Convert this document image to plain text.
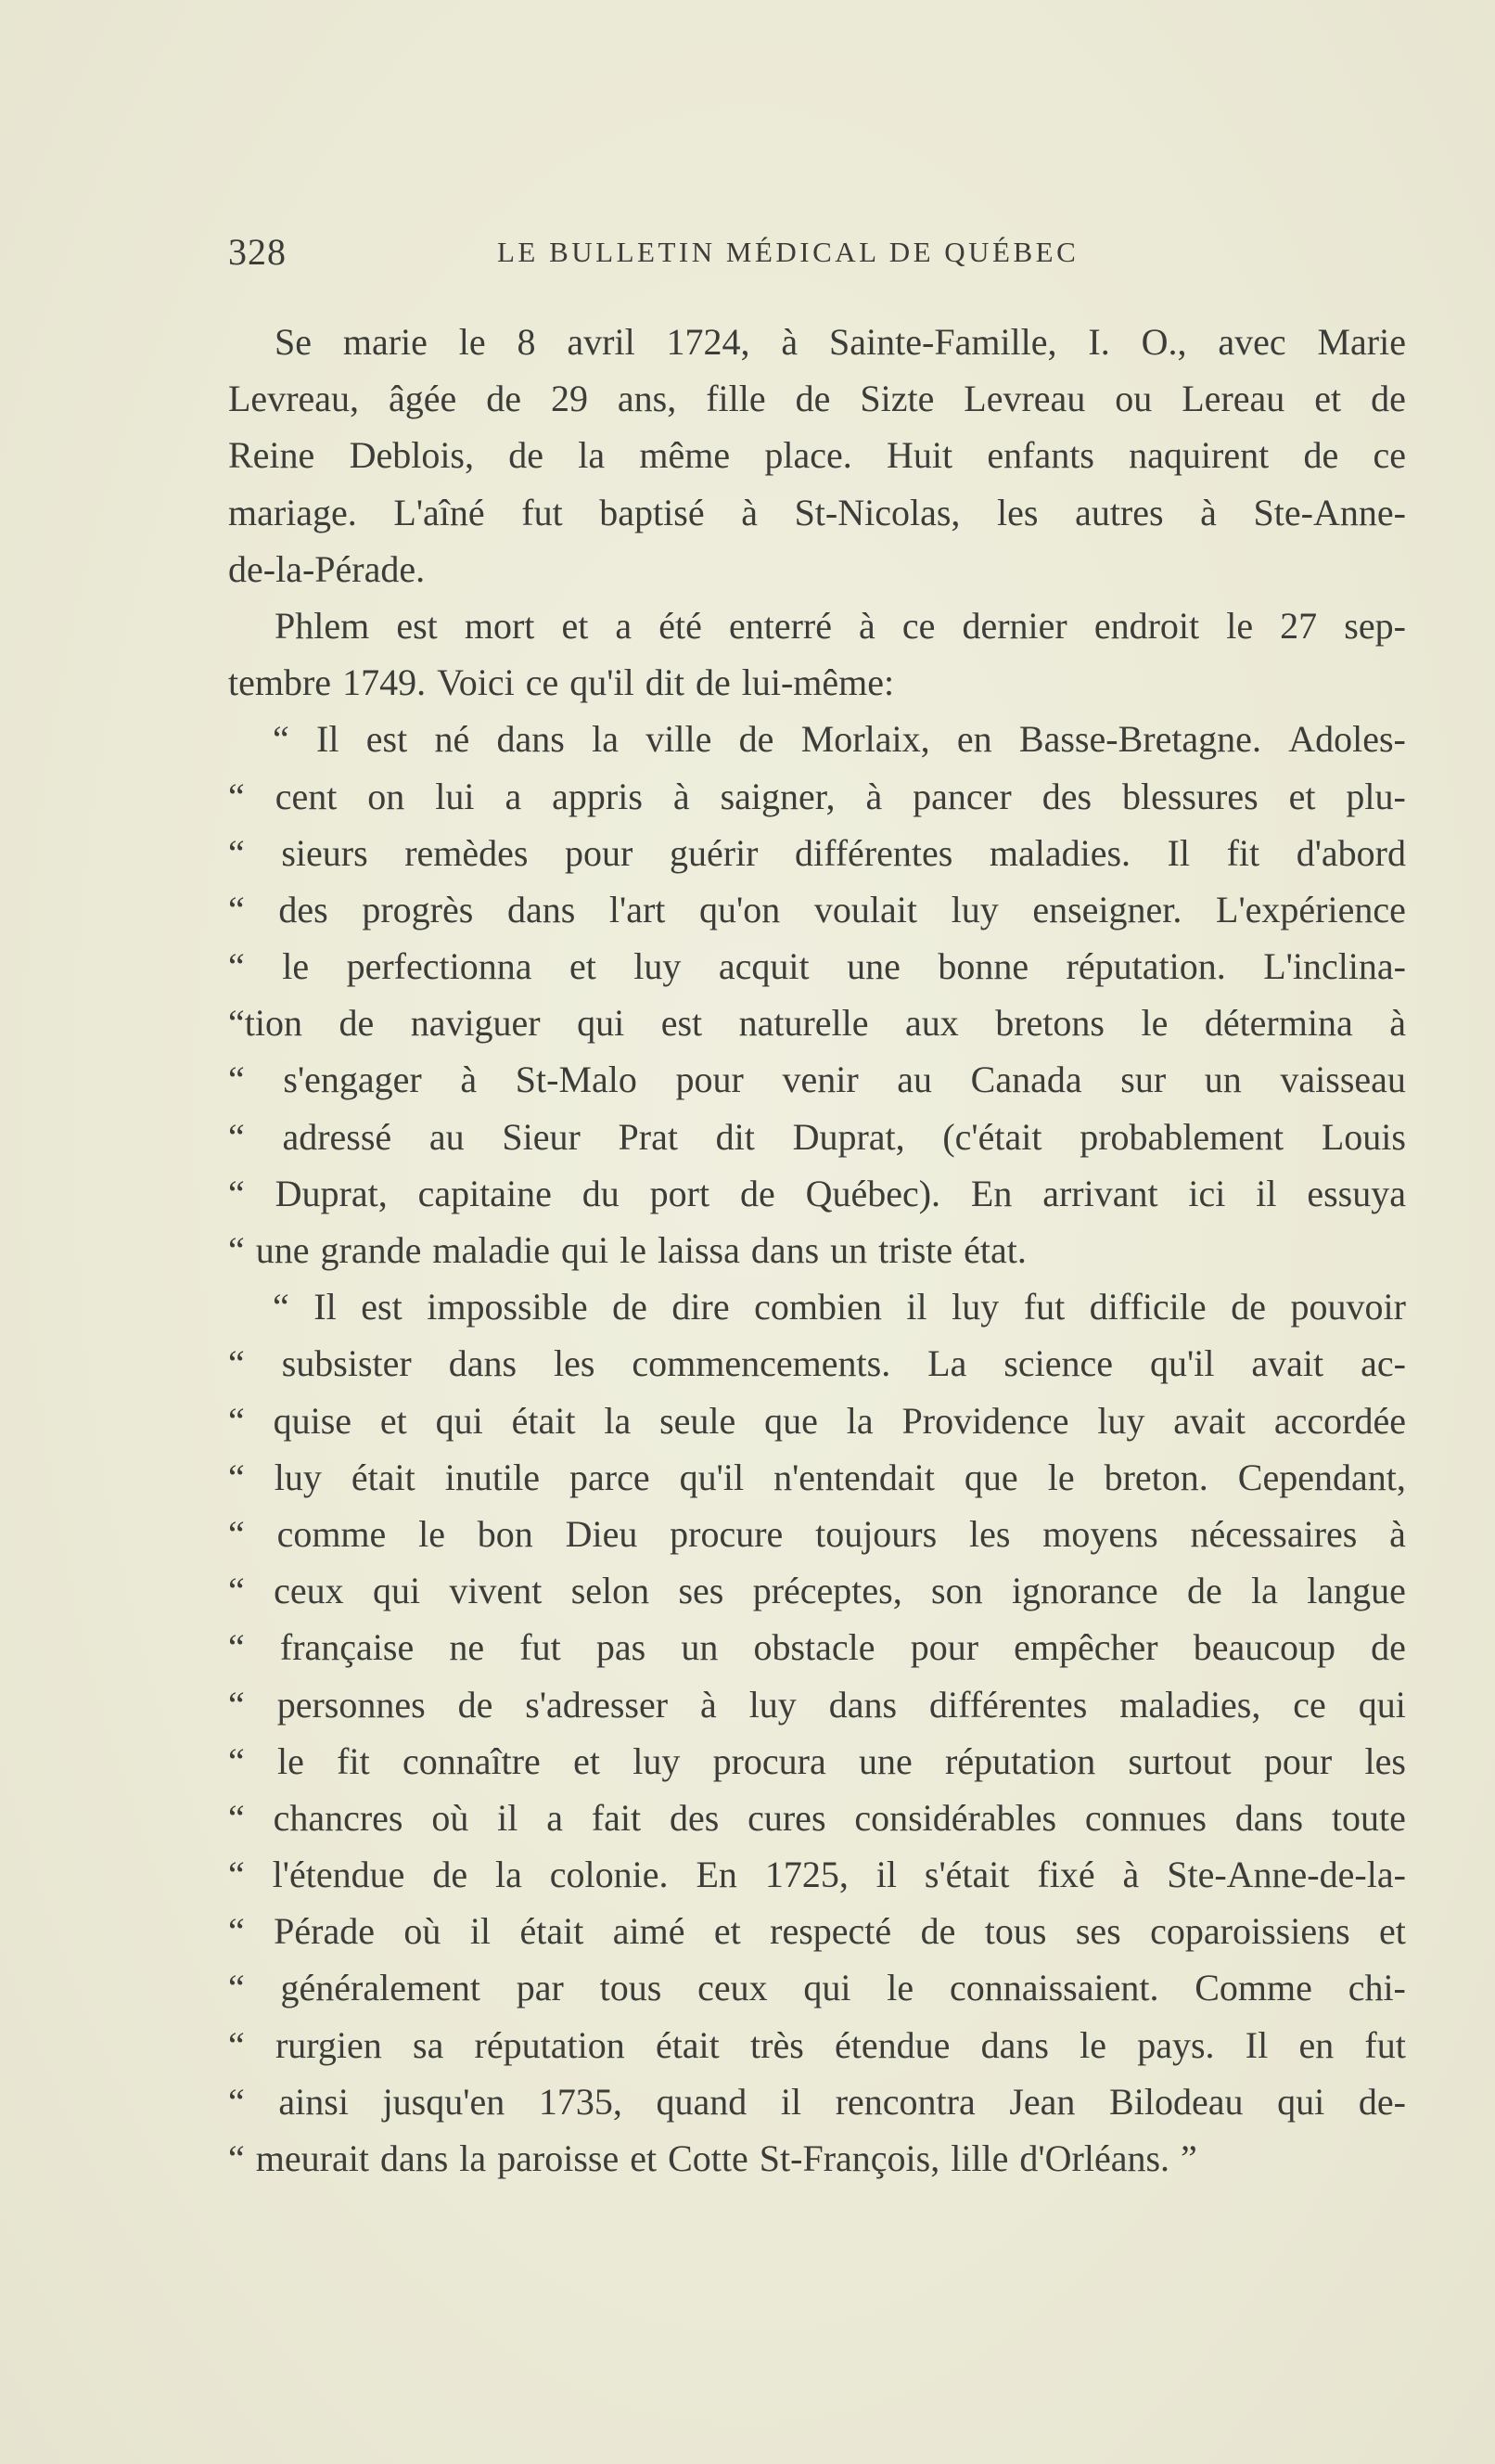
328	LE BULLETIN MÉDICAL DE QUÉBEC
Se marie le 8 avril 1724, à Sainte-Famille, I. O., avec Marie
Levreau, âgée de 29 ans, fille de Sizte Levreau ou Lereau et de
Reine Deblois, de la même place. Huit enfants naquirent de ce
mariage. L'aîné fut baptisé à St-Nicolas, les autres à Ste-Anne-
de-la-Pérade.
Phlem est mort et a été enterré à ce dernier endroit le 27 sep-
tembre 1749. Voici ce qu'il dit de lui-même:
“ Il est né dans la ville de Morlaix, en Basse-Bretagne. Adoles-
“ cent on lui a appris à saigner, à pancer des blessures et plu-
“ sieurs remèdes pour guérir différentes maladies. Il fit d'abord
“ des progrès dans l'art qu'on voulait luy enseigner. L'expérience
“ le perfectionna et luy acquit une bonne réputation. L'inclina-
“tion de naviguer qui est naturelle aux bretons le détermina à
“ s'engager à St-Malo pour venir au Canada sur un vaisseau
“ adressé au Sieur Prat dit Duprat, (c'était probablement Louis
“ Duprat, capitaine du port de Québec). En arrivant ici il essuya
“ une grande maladie qui le laissa dans un triste état.
“ Il est impossible de dire combien il luy fut difficile de pouvoir
“ subsister dans les commencements. La science qu'il avait ac-
“ quise et qui était la seule que la Providence luy avait accordée
“ luy était inutile parce qu'il n'entendait que le breton. Cependant,
“ comme le bon Dieu procure toujours les moyens nécessaires à
“ ceux qui vivent selon ses préceptes, son ignorance de la langue
“ française ne fut pas un obstacle pour empêcher beaucoup de
“ personnes de s'adresser à luy dans différentes maladies, ce qui
“ le fit connaître et luy procura une réputation surtout pour les
“ chancres où il a fait des cures considérables connues dans toute
“ l'étendue de la colonie. En 1725, il s'était fixé à Ste-Anne-de-la-
“ Pérade où il était aimé et respecté de tous ses coparoissiens et
“ généralement par tous ceux qui le connaissaient. Comme chi-
“ rurgien sa réputation était très étendue dans le pays. Il en fut
“ ainsi jusqu'en 1735, quand il rencontra Jean Bilodeau qui de-
“ meurait dans la paroisse et Cotte St-François, lille d'Orléans. ”
